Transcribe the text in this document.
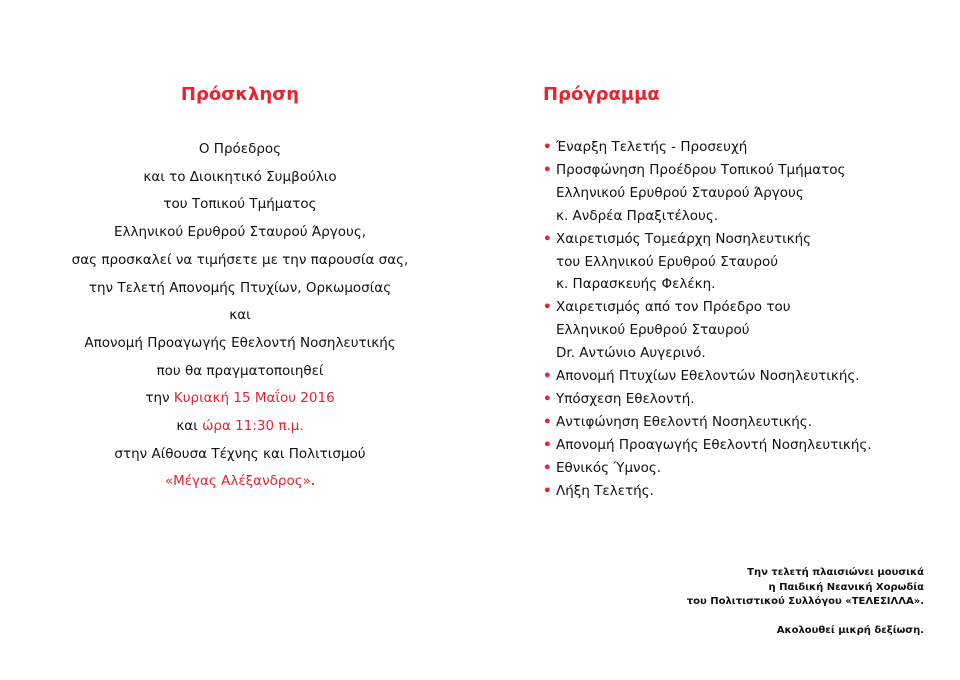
Πρόσκληση
Ο Πρόεδρος
και το Διοικητικό Συμβούλιο
του Τοπικού Τμήματος
Ελληνικού Ερυθρού Σταυρού Άργους,
σας προσκαλεί να τιμήσετε με την παρουσία σας,
την Τελετή Απονομής Πτυχίων, Ορκωμοσίας
και
Απονομή Προαγωγής Εθελοντή Νοσηλευτικής
που θα πραγματοποιηθεί
την Κυριακή 15 Μαΐου 2016
και ώρα 11:30 π.μ.
στην Αίθουσα Τέχνης και Πολιτισμού
«Μέγας Αλέξανδρος».
Πρόγραμμα
• Έναρξη Τελετής - Προσευχή
• Προσφώνηση Προέδρου Τοπικού Τμήματος
Ελληνικού Ερυθρού Σταυρού Άργους
κ. Ανδρέα Πραξιτέλους.
• Χαιρετισμός Τομεάρχη Νοσηλευτικής
του Ελληνικού Ερυθρού Σταυρού
κ. Παρασκευής Φελέκη.
• Χαιρετισμός από τον Πρόεδρο του
Ελληνικού Ερυθρού Σταυρού
Dr. Αντώνιο Αυγερινό.
• Απονομή Πτυχίων Εθελοντών Νοσηλευτικής.
• Υπόσχεση Εθελοντή.
• Αντιφώνηση Εθελοντή Νοσηλευτικής.
• Απονομή Προαγωγής Εθελοντή Νοσηλευτικής.
• Εθνικός Ύμνος.
• Λήξη Τελετής.
Την τελετή πλαισιώνει μουσικά
η Παιδική Νεανική Χορωδία
του Πολιτιστικού Συλλόγου «ΤΕΛΕΣΙΛΛΑ».
Ακολουθεί μικρή δεξίωση.
